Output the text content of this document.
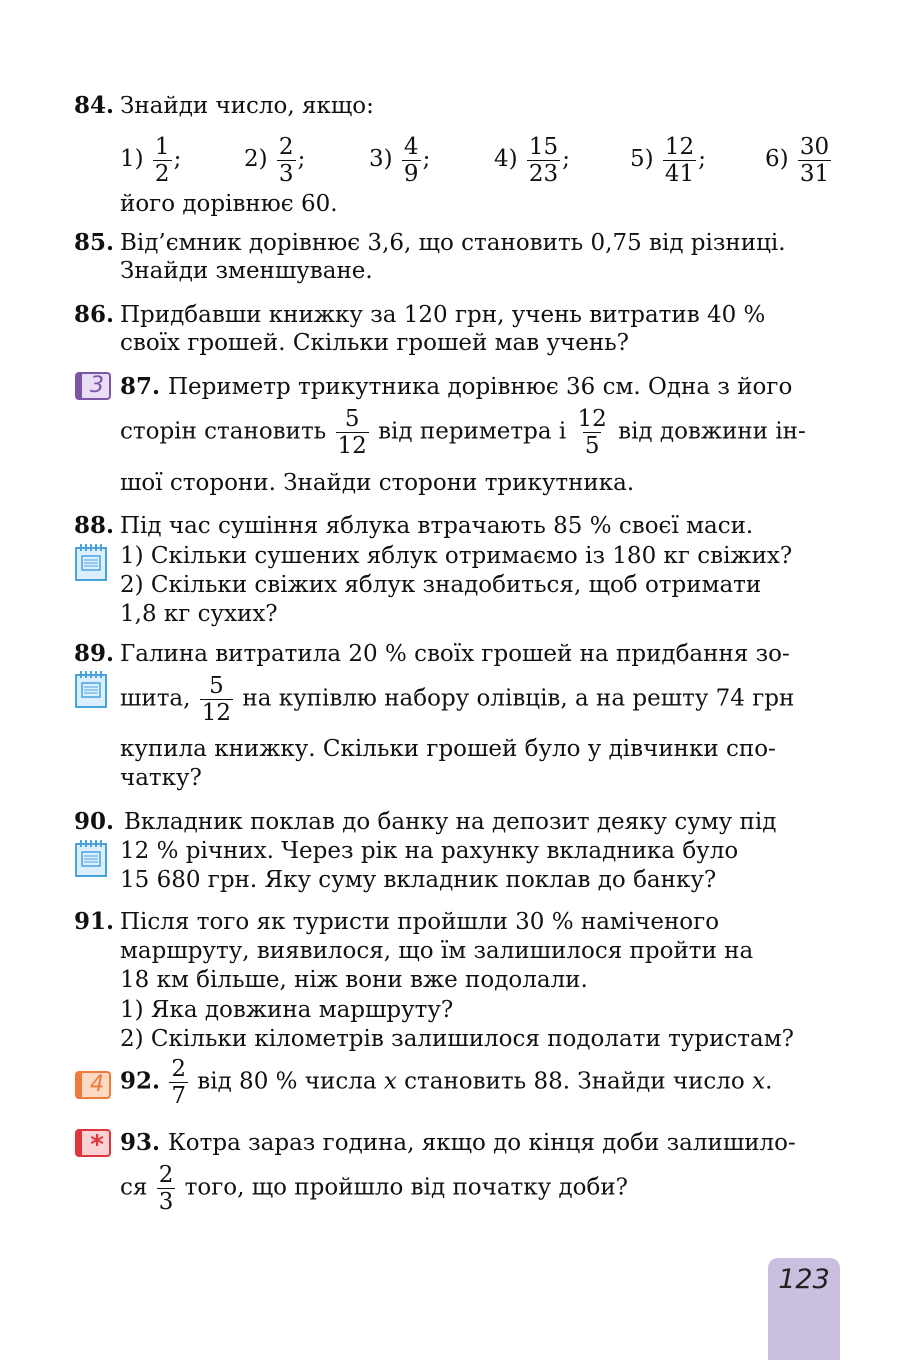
84. Знайди число, якщо:
$1) \frac{1}{2}$ ;	$2) \frac{2}{3}$ ;	$3) \frac{4}{9}$ ;	$4) \frac{15}{23}$ ;	$5) \frac{12}{41}$ ;	$6) \frac{30}{31}$
його дорівнює 60.
85. Від’ємник дорівнює 3,6, що становить 0,75 від різниці.
Знайди зменшуване.
86. Придбавши книжку за 120 грн, учень витратив 40 %
своїх грошей. Скільки грошей мав учень?
3 87. Периметр трикутника дорівнює 36 см. Одна з його
сторін становить $\frac{5}{12}$ від периметра і $\frac{12}{5}$ від довжини ін-
шої сторони. Знайди сторони трикутника.
88. Під час сушіння яблука втрачають 85 % своєї маси.
1) Скільки сушених яблук отримаємо із 180 кг свіжих?
2) Скільки свіжих яблук знадобиться, щоб отримати
1,8 кг сухих?
89. Галина витратила 20 % своїх грошей на придбання зо-
шита, $\frac{5}{12}$ на купівлю набору олівців, а на решту 74 грн
купила книжку. Скільки грошей було у дівчинки спо-
чатку?
90. Вкладник поклав до банку на депозит деяку суму під
12 % річних. Через рік на рахунку вкладника було
15 680 грн. Яку суму вкладник поклав до банку?
91. Після того як туристи пройшли 30 % наміченого
маршруту, виявилося, що їм залишилося пройти на
18 км більше, ніж вони вже подолали.
1) Яка довжина маршруту?
2) Скільки кілометрів залишилося подолати туристам?
4 92. $\frac{2}{7}$ від 80 % числа x становить 88. Знайди число x.
* 93. Котра зараз година, якщо до кінця доби залишило-
ся $\frac{2}{3}$ того, що пройшло від початку доби?
123
